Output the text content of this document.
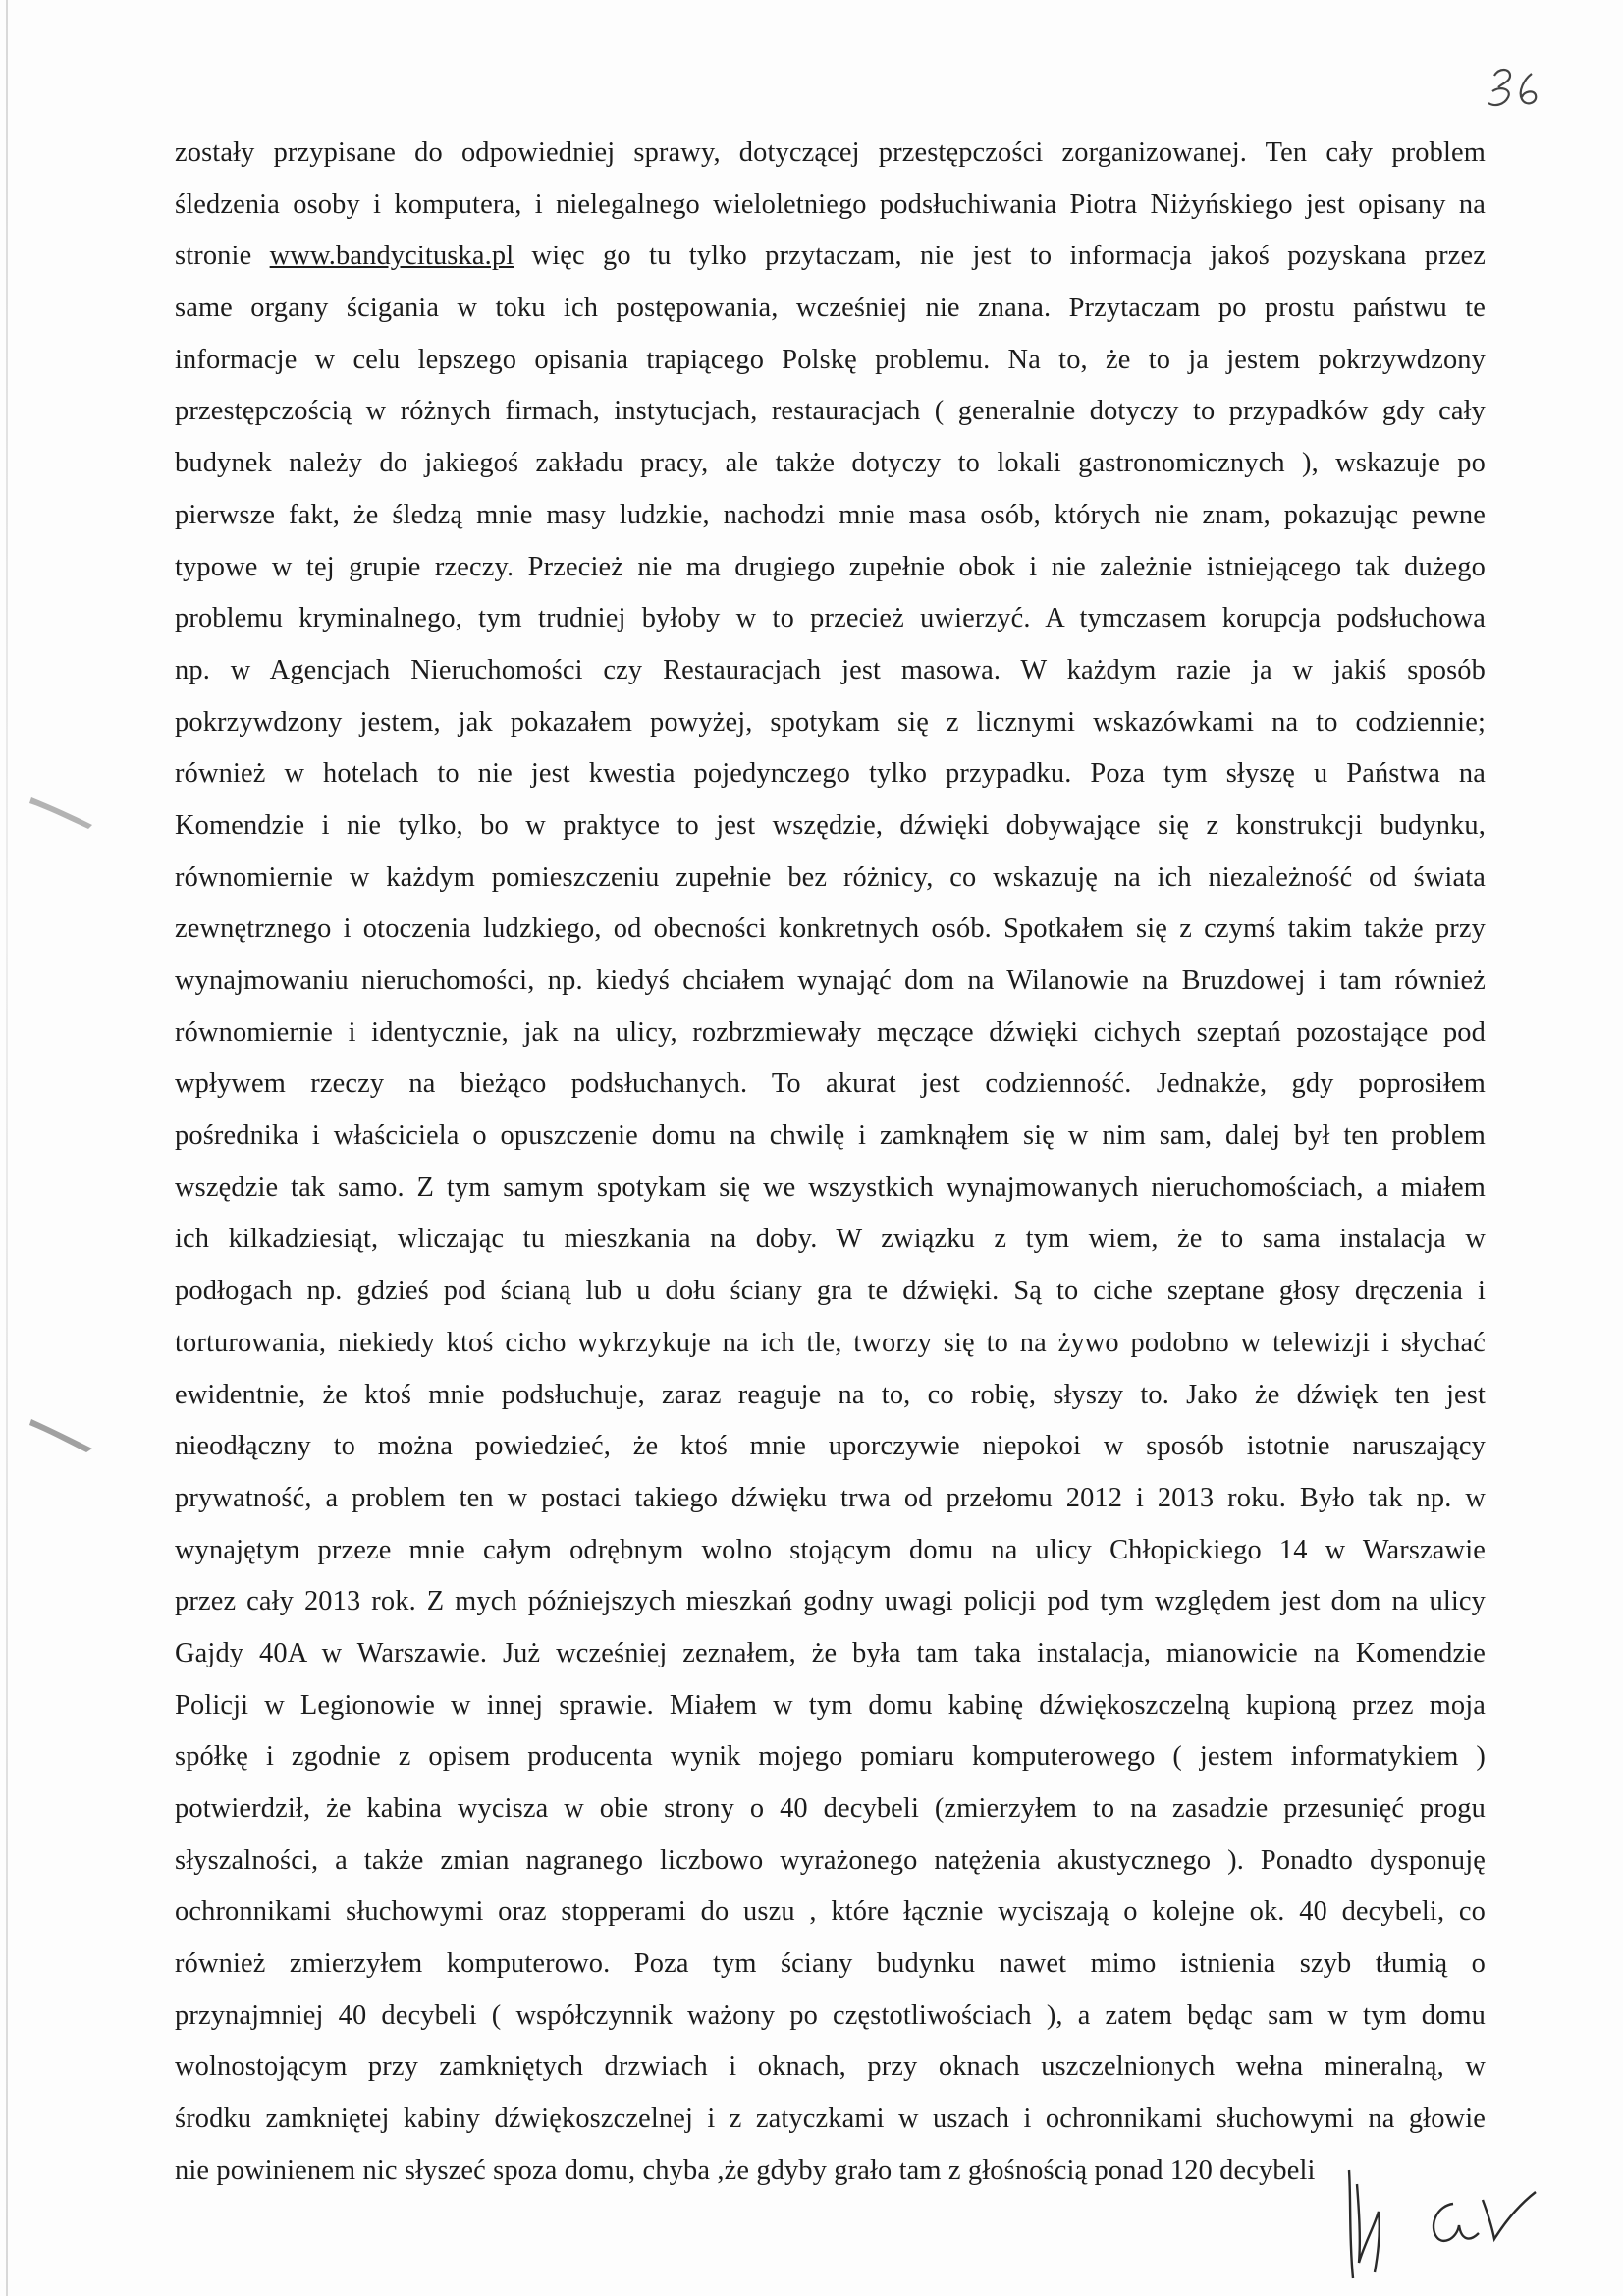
zostały przypisane do odpowiedniej sprawy, dotyczącej przestępczości zorganizowanej. Ten cały problem
śledzenia osoby i komputera, i nielegalnego wieloletniego podsłuchiwania Piotra Niżyńskiego jest opisany na
stronie www.bandycituska.pl więc go tu tylko przytaczam, nie jest to informacja jakoś pozyskana przez
same organy ścigania w toku ich postępowania, wcześniej nie znana. Przytaczam po prostu państwu te
informacje w celu lepszego opisania trapiącego Polskę problemu. Na to, że to ja jestem pokrzywdzony
przestępczością w różnych firmach, instytucjach, restauracjach ( generalnie dotyczy to przypadków gdy cały
budynek należy do jakiegoś zakładu pracy, ale także dotyczy to lokali gastronomicznych ), wskazuje po
pierwsze fakt, że śledzą mnie masy ludzkie, nachodzi mnie masa osób, których nie znam, pokazując pewne
typowe w tej grupie rzeczy. Przecież nie ma drugiego zupełnie obok i nie zależnie istniejącego tak dużego
problemu kryminalnego, tym trudniej byłoby w to przecież uwierzyć. A tymczasem korupcja podsłuchowa
np. w Agencjach Nieruchomości czy Restauracjach jest masowa. W każdym razie ja w jakiś sposób
pokrzywdzony jestem, jak pokazałem powyżej, spotykam się z licznymi wskazówkami na to codziennie;
również w hotelach to nie jest kwestia pojedynczego tylko przypadku. Poza tym słyszę u Państwa na
Komendzie i nie tylko, bo w praktyce to jest wszędzie, dźwięki dobywające się z konstrukcji budynku,
równomiernie w każdym pomieszczeniu zupełnie bez różnicy, co wskazuję na ich niezależność od świata
zewnętrznego i otoczenia ludzkiego, od obecności konkretnych osób. Spotkałem się z czymś takim także przy
wynajmowaniu nieruchomości, np. kiedyś chciałem wynająć dom na Wilanowie na Bruzdowej i tam również
równomiernie i identycznie, jak na ulicy, rozbrzmiewały męczące dźwięki cichych szeptań pozostające pod
wpływem rzeczy na bieżąco podsłuchanych. To akurat jest codzienność. Jednakże, gdy poprosiłem
pośrednika i właściciela o opuszczenie domu na chwilę i zamknąłem się w nim sam, dalej był ten problem
wszędzie tak samo. Z tym samym spotykam się we wszystkich wynajmowanych nieruchomościach, a miałem
ich kilkadziesiąt, wliczając tu mieszkania na doby. W związku z tym wiem, że to sama instalacja w
podłogach np. gdzieś pod ścianą lub u dołu ściany gra te dźwięki. Są to ciche szeptane głosy dręczenia i
torturowania, niekiedy ktoś cicho wykrzykuje na ich tle, tworzy się to na żywo podobno w telewizji i słychać
ewidentnie, że ktoś mnie podsłuchuje, zaraz reaguje na to, co robię, słyszy to. Jako że dźwięk ten jest
nieodłączny to można powiedzieć, że ktoś mnie uporczywie niepokoi w sposób istotnie naruszający
prywatność, a problem ten w postaci takiego dźwięku trwa od przełomu 2012 i 2013 roku. Było tak np. w
wynajętym przeze mnie całym odrębnym wolno stojącym domu na ulicy Chłopickiego 14 w Warszawie
przez cały 2013 rok. Z mych późniejszych mieszkań godny uwagi policji pod tym względem jest dom na ulicy
Gajdy 40A w Warszawie. Już wcześniej zeznałem, że była tam taka instalacja, mianowicie na Komendzie
Policji w Legionowie w innej sprawie. Miałem w tym domu kabinę dźwiękoszczelną kupioną przez moja
spółkę i zgodnie z opisem producenta wynik mojego pomiaru komputerowego ( jestem informatykiem )
potwierdził, że kabina wycisza w obie strony o 40 decybeli (zmierzyłem to na zasadzie przesunięć progu
słyszalności, a także zmian nagranego liczbowo wyrażonego natężenia akustycznego ). Ponadto dysponuję
ochronnikami słuchowymi oraz stopperami do uszu , które łącznie wyciszają o kolejne ok. 40 decybeli, co
również zmierzyłem komputerowo. Poza tym ściany budynku nawet mimo istnienia szyb tłumią o
przynajmniej 40 decybeli ( współczynnik ważony po częstotliwościach ), a zatem będąc sam w tym domu
wolnostojącym przy zamkniętych drzwiach i oknach, przy oknach uszczelnionych wełna mineralną, w
środku zamkniętej kabiny dźwiękoszczelnej i z zatyczkami w uszach i ochronnikami słuchowymi na głowie
nie powinienem nic słyszeć spoza domu, chyba ,że gdyby grało tam z głośnością ponad 120 decybeli
